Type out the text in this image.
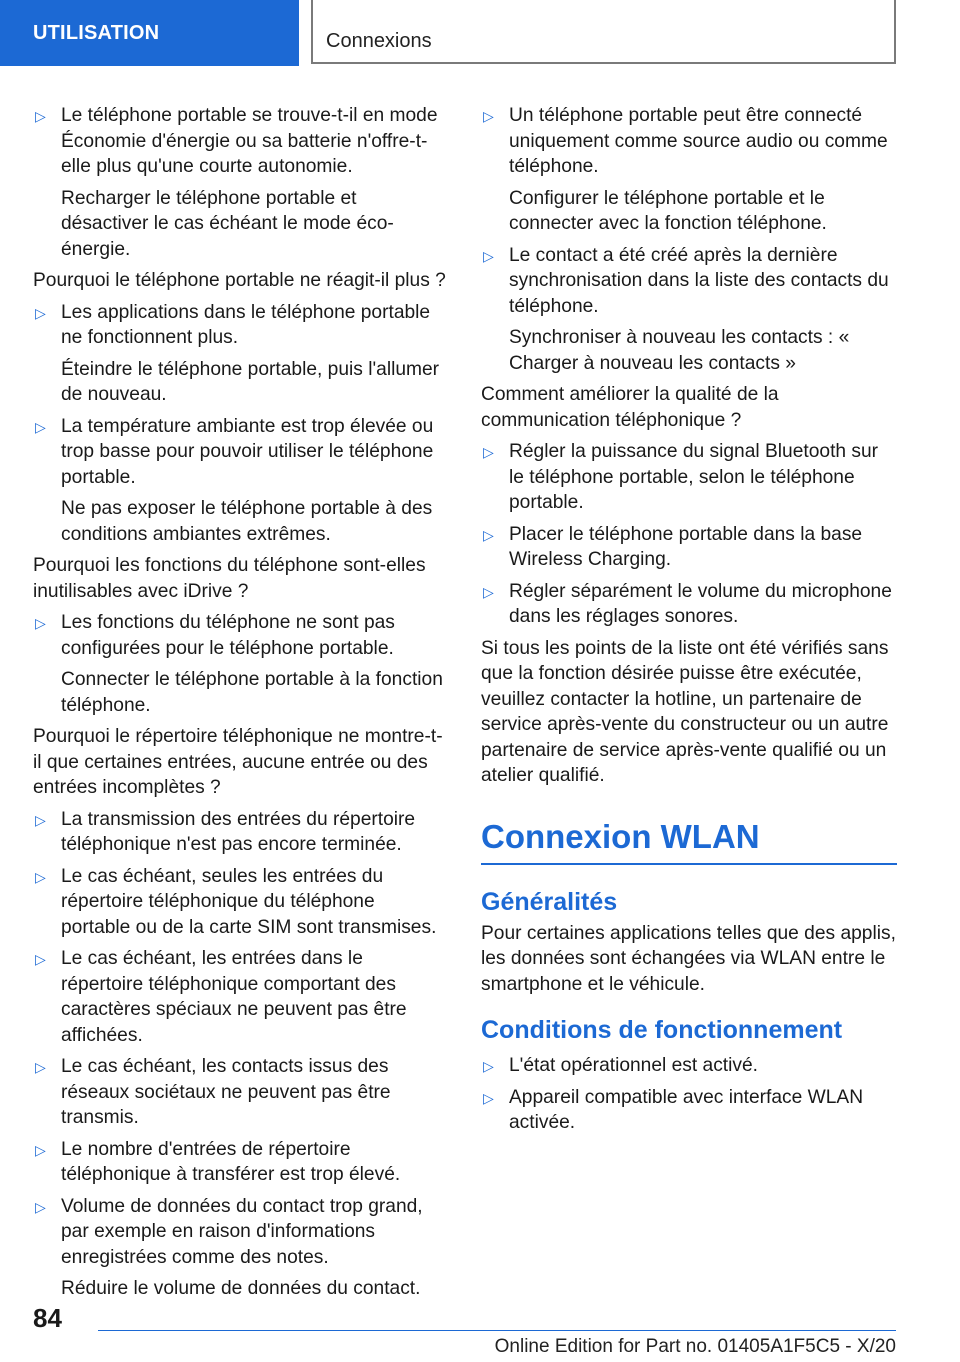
UTILISATION	Connexions
▷ Le téléphone portable se trouve-t-il en mode Économie d'énergie ou sa batterie n'offre-t-elle plus qu'une courte autonomie.
Recharger le téléphone portable et désactiver le cas échéant le mode éco-énergie.
Pourquoi le téléphone portable ne réagit-il plus ?
▷ Les applications dans le téléphone portable ne fonctionnent plus.
Éteindre le téléphone portable, puis l'allumer de nouveau.
▷ La température ambiante est trop élevée ou trop basse pour pouvoir utiliser le téléphone portable.
Ne pas exposer le téléphone portable à des conditions ambiantes extrêmes.
Pourquoi les fonctions du téléphone sont-elles inutilisables avec iDrive ?
▷ Les fonctions du téléphone ne sont pas configurées pour le téléphone portable.
Connecter le téléphone portable à la fonction téléphone.
Pourquoi le répertoire téléphonique ne montre-t-il que certaines entrées, aucune entrée ou des entrées incomplètes ?
▷ La transmission des entrées du répertoire téléphonique n'est pas encore terminée.
▷ Le cas échéant, seules les entrées du répertoire téléphonique du téléphone portable ou de la carte SIM sont transmises.
▷ Le cas échéant, les entrées dans le répertoire téléphonique comportant des caractères spéciaux ne peuvent pas être affichées.
▷ Le cas échéant, les contacts issus des réseaux sociétaux ne peuvent pas être transmis.
▷ Le nombre d'entrées de répertoire téléphonique à transférer est trop élevé.
▷ Volume de données du contact trop grand, par exemple en raison d'informations enregistrées comme des notes.
Réduire le volume de données du contact.
▷ Un téléphone portable peut être connecté uniquement comme source audio ou comme téléphone.
Configurer le téléphone portable et le connecter avec la fonction téléphone.
▷ Le contact a été créé après la dernière synchronisation dans la liste des contacts du téléphone.
Synchroniser à nouveau les contacts : « Charger à nouveau les contacts »
Comment améliorer la qualité de la communication téléphonique ?
▷ Régler la puissance du signal Bluetooth sur le téléphone portable, selon le téléphone portable.
▷ Placer le téléphone portable dans la base Wireless Charging.
▷ Régler séparément le volume du microphone dans les réglages sonores.
Si tous les points de la liste ont été vérifiés sans que la fonction désirée puisse être exécutée, veuillez contacter la hotline, un partenaire de service après-vente du constructeur ou un autre partenaire de service après-vente qualifié ou un atelier qualifié.
Connexion WLAN
Généralités
Pour certaines applications telles que des applis, les données sont échangées via WLAN entre le smartphone et le véhicule.
Conditions de fonctionnement
▷ L'état opérationnel est activé.
▷ Appareil compatible avec interface WLAN activée.
84
Online Edition for Part no. 01405A1F5C5 - X/20
